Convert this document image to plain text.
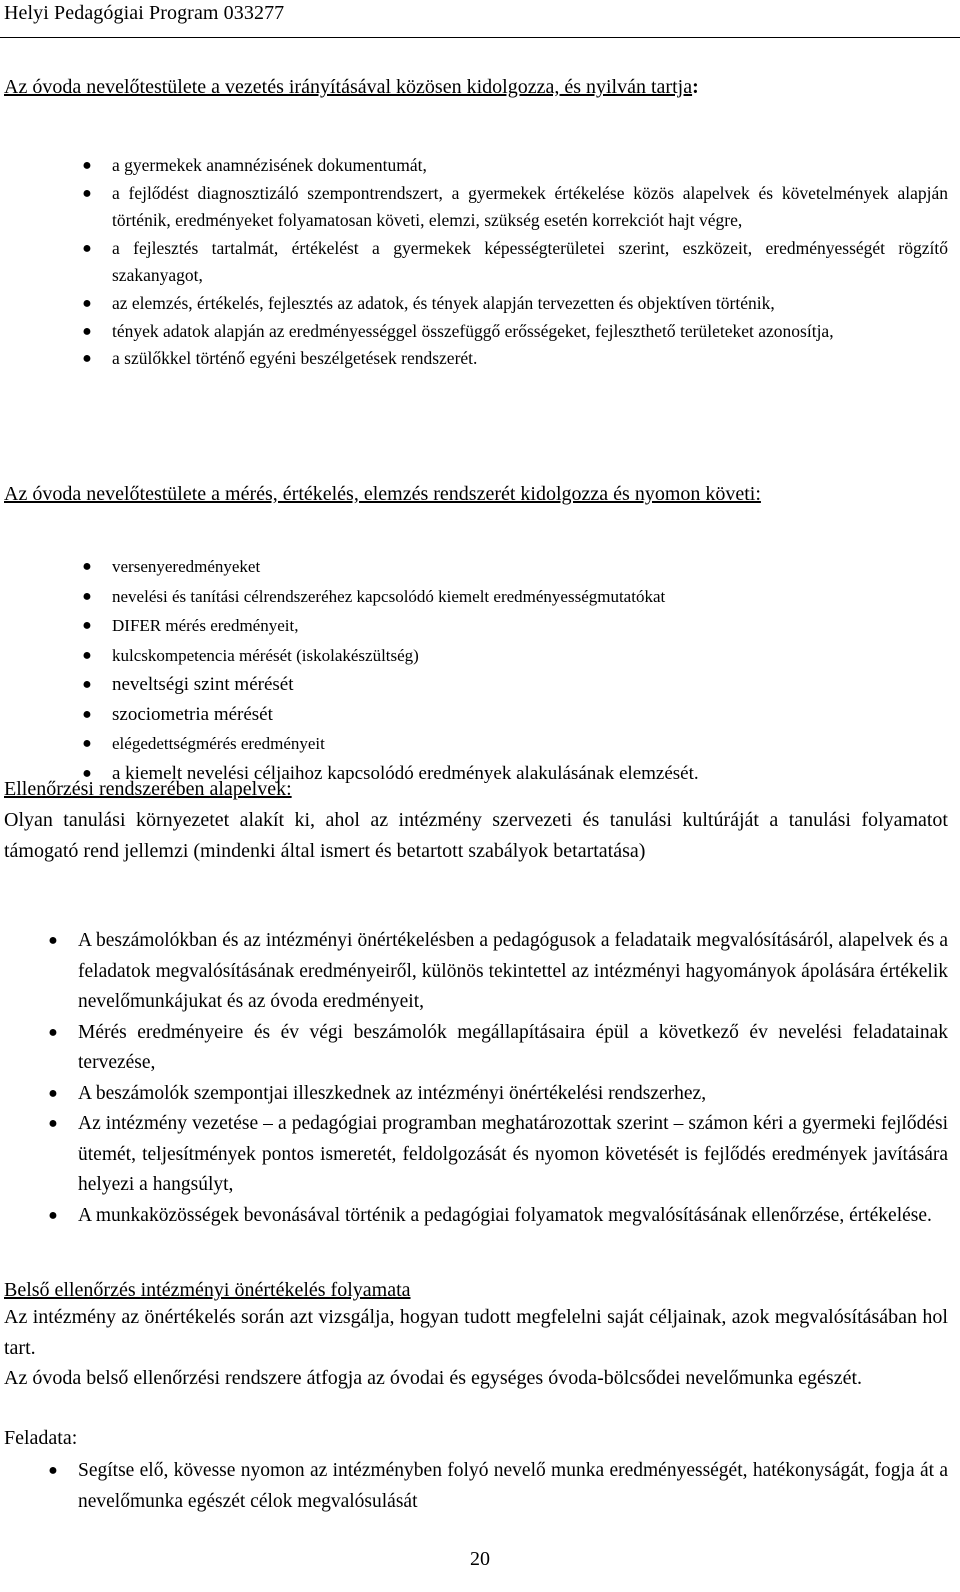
Helyi Pedagógiai Program 033277
Az óvoda nevelőtestülete a vezetés irányításával közösen kidolgozza, és nyilván tartja:
● a gyermekek anamnézisének dokumentumát,
● a fejlődést diagnosztizáló szempontrendszert, a gyermekek értékelése közös alapelvek és követelmények alapján történik, eredményeket folyamatosan követi, elemzi, szükség esetén korrekciót hajt végre,
● a fejlesztés tartalmát, értékelést a gyermekek képességterületei szerint, eszközeit, eredményességét rögzítő szakanyagot,
● az elemzés, értékelés, fejlesztés az adatok, és tények alapján tervezetten és objektíven történik,
● tények adatok alapján az eredményességgel összefüggő erősségeket, fejleszthető területeket azonosítja,
● a szülőkkel történő egyéni beszélgetések rendszerét.
Az óvoda nevelőtestülete a mérés, értékelés, elemzés rendszerét kidolgozza és nyomon követi:
● versenyeredményeket
● nevelési és tanítási célrendszeréhez kapcsolódó kiemelt eredményességmutatókat
● DIFER mérés eredményeit,
● kulcskompetencia mérését (iskolakészültség)
● neveltségi szint mérését
● szociometria mérését
● elégedettségmérés eredményeit
● a kiemelt nevelési céljaihoz kapcsolódó eredmények alakulásának elemzését.
Ellenőrzési rendszerében alapelvek:
Olyan tanulási környezetet alakít ki, ahol az intézmény szervezeti és tanulási kultúráját a tanulási folyamatot támogató rend jellemzi (mindenki által ismert és betartott szabályok betartatása)
● A beszámolókban és az intézményi önértékelésben a pedagógusok a feladataik megvalósításáról, alapelvek és a feladatok megvalósításának eredményeiről, különös tekintettel az intézményi hagyományok ápolására értékelik nevelőmunkájukat és az óvoda eredményeit,
● Mérés eredményeire és év végi beszámolók megállapításaira épül a következő év nevelési feladatainak tervezése,
● A beszámolók szempontjai illeszkednek az intézményi önértékelési rendszerhez,
● Az intézmény vezetése – a pedagógiai programban meghatározottak szerint – számon kéri a gyermeki fejlődési ütemét, teljesítmények pontos ismeretét, feldolgozását és nyomon követését is fejlődés eredmények javítására helyezi a hangsúlyt,
● A munkaközösségek bevonásával történik a pedagógiai folyamatok megvalósításának ellenőrzése, értékelése.
Belső ellenőrzés intézményi önértékelés folyamata
Az intézmény az önértékelés során azt vizsgálja, hogyan tudott megfelelni saját céljainak, azok megvalósításában hol tart.
Az óvoda belső ellenőrzési rendszere átfogja az óvodai és egységes óvoda-bölcsődei nevelőmunka egészét.
Feladata:
● Segítse elő, kövesse nyomon az intézményben folyó nevelő munka eredményességét, hatékonyságát, fogja át a nevelőmunka egészét célok megvalósulását
20
